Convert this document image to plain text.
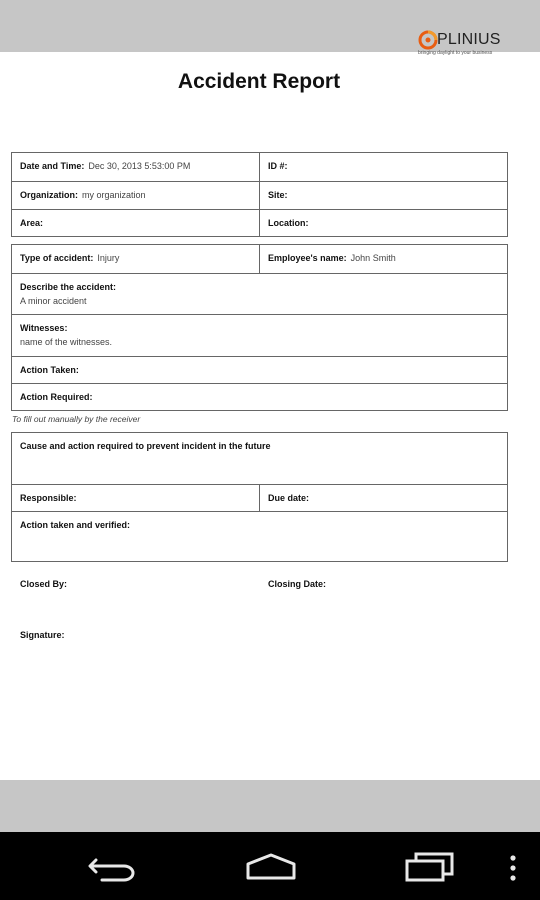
PLINIUS
bringing daylight to your business
Accident Report
Date and Time: Dec 30, 2013 5:53:00 PM	ID #:
Organization: my organization	Site:
Area:	Location:
Type of accident: Injury	Employee's name: John Smith
Describe the accident:
A minor accident
Witnesses:
name of the witnesses.
Action Taken:
Action Required:
To fill out manually by the receiver
Cause and action required to prevent incident in the future
Responsible:	Due date:
Action taken and verified:
Closed By:	Closing Date:
Signature:
